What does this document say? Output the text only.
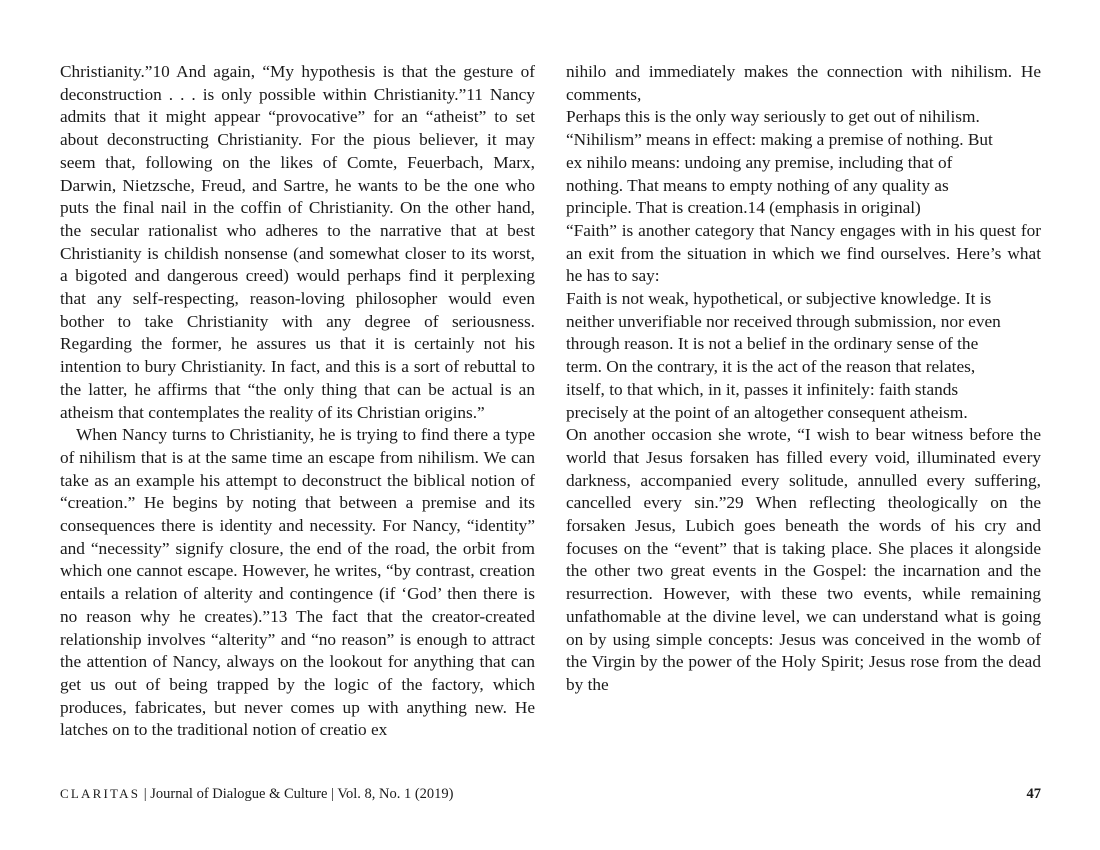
Christianity.”10 And again, “My hypothesis is that the gesture of deconstruction . . . is only possible within Christianity.”11 Nancy admits that it might appear “provocative” for an “atheist” to set about deconstructing Christianity. For the pious believer, it may seem that, following on the likes of Comte, Feuerbach, Marx, Darwin, Nietzsche, Freud, and Sartre, he wants to be the one who puts the final nail in the coffin of Christianity. On the other hand, the secular rationalist who adheres to the narrative that at best Christianity is childish nonsense (and somewhat closer to its worst, a bigoted and dangerous creed) would perhaps find it perplexing that any self-respecting, reason-loving philosopher would even bother to take Christianity with any degree of seriousness. Regarding the former, he assures us that it is certainly not his intention to bury Christianity. In fact, and this is a sort of rebuttal to the latter, he affirms that “the only thing that can be actual is an atheism that contemplates the reality of its Christian origins.”

When Nancy turns to Christianity, he is trying to find there a type of nihilism that is at the same time an escape from nihilism. We can take as an example his attempt to deconstruct the biblical notion of “creation.” He begins by noting that between a premise and its consequences there is identity and necessity. For Nancy, “identity” and “necessity” signify closure, the end of the road, the orbit from which one cannot escape. However, he writes, “by contrast, creation entails a relation of alterity and contingence (if ‘God’ then there is no reason why he creates).”13 The fact that the creator-created relationship involves “alterity” and “no reason” is enough to attract the attention of Nancy, always on the lookout for anything that can get us out of being trapped by the logic of the factory, which produces, fabricates, but never comes up with anything new. He latches on to the traditional notion of creatio ex

nihilo and immediately makes the connection with nihilism. He comments,

Perhaps this is the only way seriously to get out of nihilism. “Nihilism” means in effect: making a premise of nothing. But ex nihilo means: undoing any premise, including that of nothing. That means to empty nothing of any quality as principle. That is creation.14 (emphasis in original)

“Faith” is another category that Nancy engages with in his quest for an exit from the situation in which we find ourselves. Here’s what he has to say:

Faith is not weak, hypothetical, or subjective knowledge. It is neither unverifiable nor received through submission, nor even through reason. It is not a belief in the ordinary sense of the term. On the contrary, it is the act of the reason that relates, itself, to that which, in it, passes it infinitely: faith stands precisely at the point of an altogether consequent atheism.

On another occasion she wrote, “I wish to bear witness before the world that Jesus forsaken has filled every void, illuminated every darkness, accompanied every solitude, annulled every suffering, cancelled every sin.”29 When reflecting theologically on the forsaken Jesus, Lubich goes beneath the words of his cry and focuses on the “event” that is taking place. She places it alongside the other two great events in the Gospel: the incarnation and the resurrection. However, with these two events, while remaining unfathomable at the divine level, we can understand what is going on by using simple concepts: Jesus was conceived in the womb of the Virgin by the power of the Holy Spirit; Jesus rose from the dead by the

CLARITAS | Journal of Dialogue & Culture | Vol. 8, No. 1 (2019)	47
